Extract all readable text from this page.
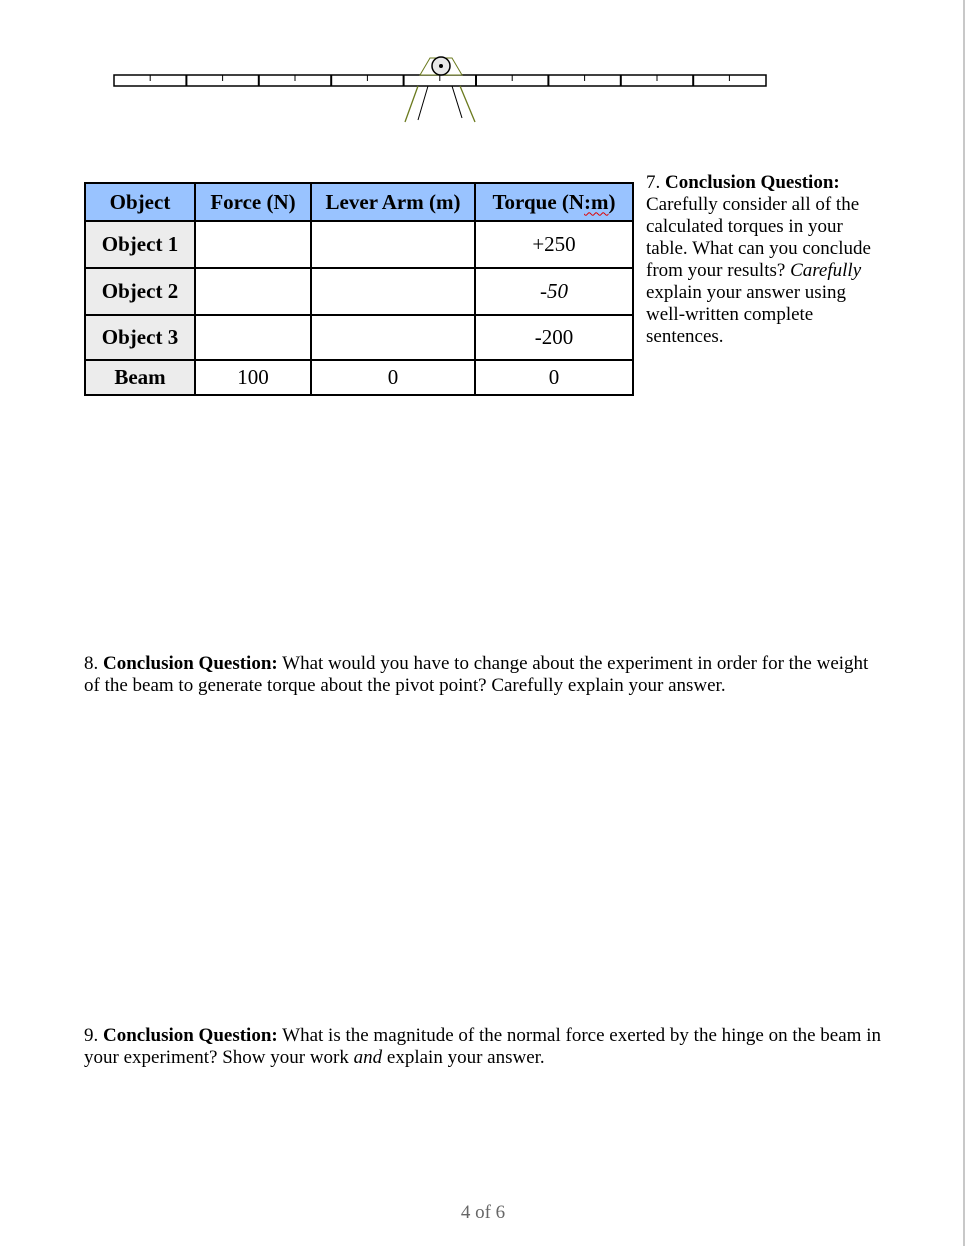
Object	Force (N)	Lever Arm (m)	Torque (N:m)
Object 1			+250
Object 2			-50
Object 3			-200
Beam	100	0	0
7. Conclusion Question: Carefully consider all of the calculated torques in your table. What can you conclude from your results? Carefully explain your answer using well-written complete sentences.
8. Conclusion Question: What would you have to change about the experiment in order for the weight of the beam to generate torque about the pivot point? Carefully explain your answer.
9. Conclusion Question: What is the magnitude of the normal force exerted by the hinge on the beam in your experiment? Show your work and explain your answer.
4 of 6
